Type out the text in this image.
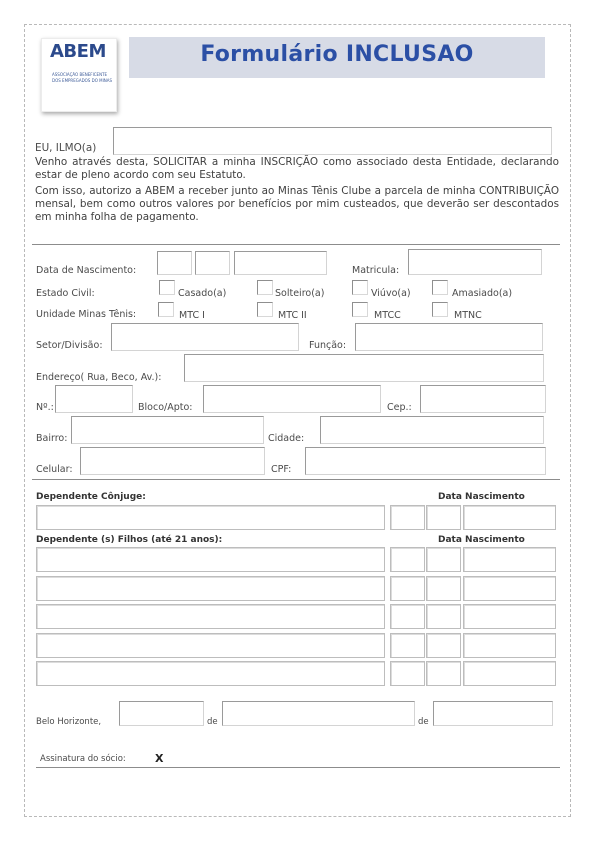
ABEM
ASSOCIAÇÃO BENEFICENTE
DOS EMPREGADOS DO MINAS
Formulário INCLUSAO
EU, ILMO(a)

Venho através desta, SOLICITAR a minha INSCRIÇÃO como associado desta Entidade, declarando estar de pleno acordo com seu Estatuto.

Com isso, autorizo a ABEM a receber junto ao Minas Tênis Clube a parcela de minha CONTRIBUIÇÃO mensal, bem como outros valores por benefícios por mim custeados, que deverão ser descontados em minha folha de pagamento.

Data de Nascimento:	Matricula:
Estado Civil:	Casado(a)	Solteiro(a)	Viúvo(a)	Amasiado(a)
Unidade Minas Tênis:	MTC I	MTC II	MTCC	MTNC
Setor/Divisão:	Função:
Endereço( Rua, Beco, Av.):
Nº.:	Bloco/Apto:	Cep.:
Bairro:	Cidade:
Celular:	CPF:
Dependente Cônjuge:	Data Nascimento
Dependente (s) Filhos (até 21 anos):	Data Nascimento
Belo Horizonte,	de	de
Assinatura do sócio:	X
